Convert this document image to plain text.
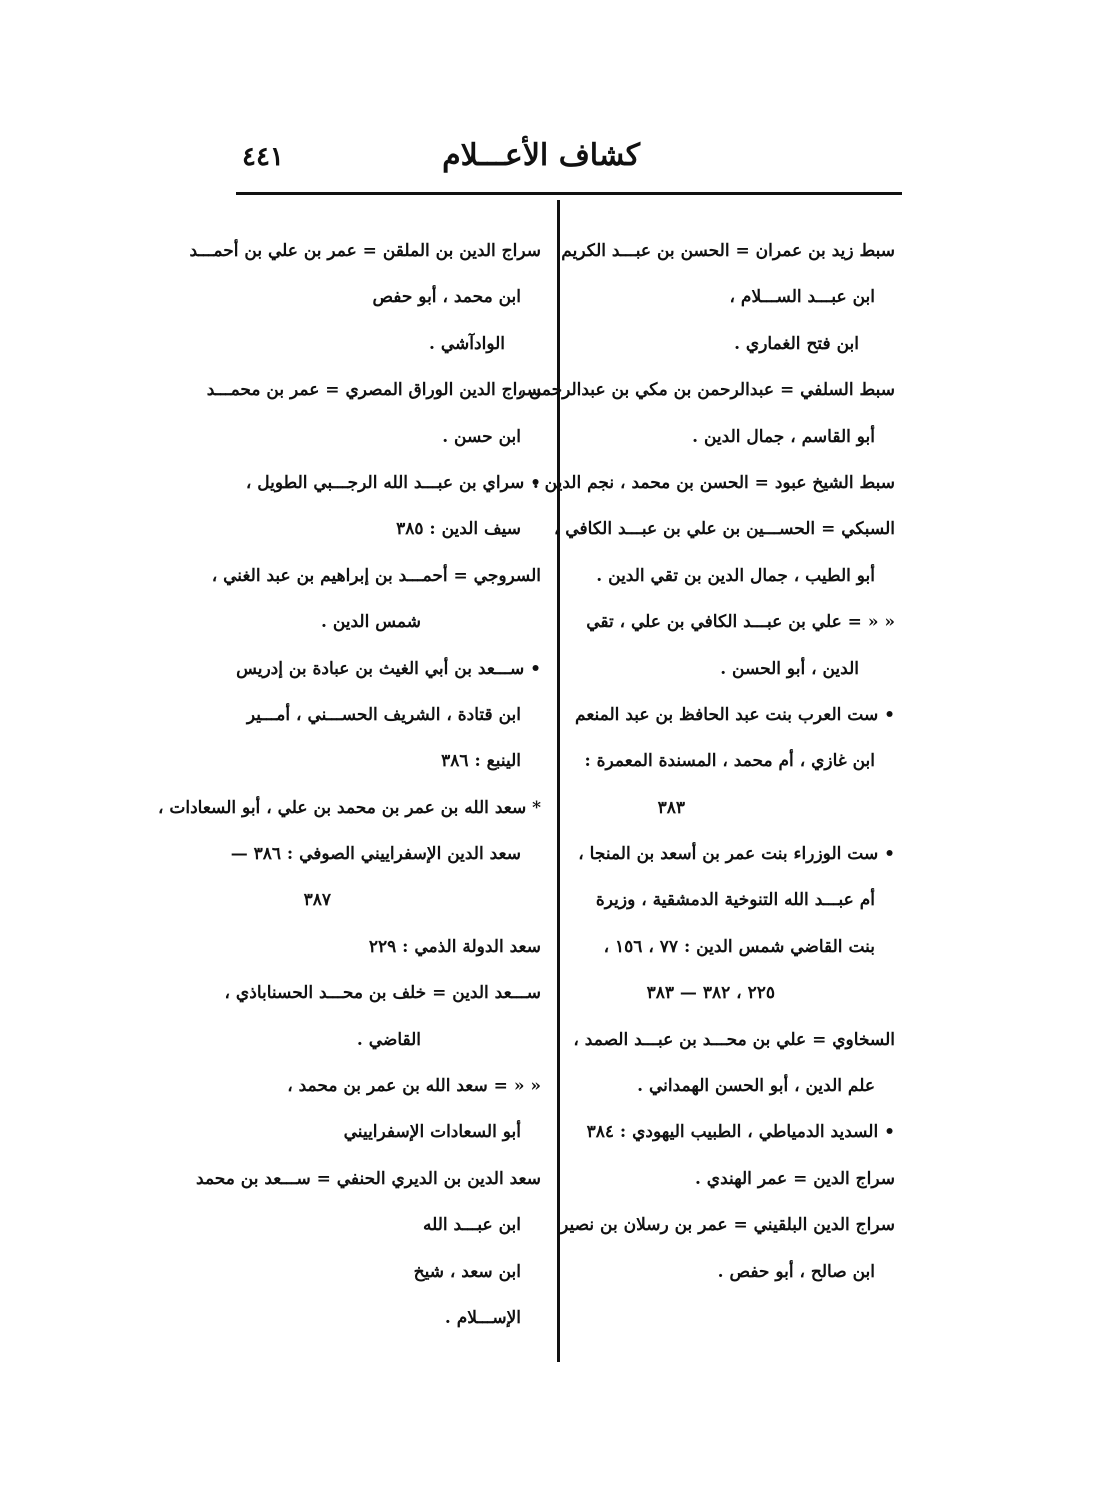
كشاف الأعـــلام
٤٤١
سبط زيد بن عمران = الحسن بن عبـــد الكريم
ابن عبـــد الســـلام ،
ابن فتح الغماري .
سبط السلفي = عبدالرحمن بن مكي بن عبدالرحمن ،
أبو القاسم ، جمال الدين .
سبط الشيخ عبود = الحسن بن محمد ، نجم الدين .
السبكي = الحســـين بن علي بن عبـــد الكافي ،
أبو الطيب ، جمال الدين بن تقي الدين .
« « = علي بن عبـــد الكافي بن علي ، تقي
الدين ، أبو الحسن .
• ست العرب بنت عبد الحافظ بن عبد المنعم
ابن غازي ، أم محمد ، المسندة المعمرة :
٣٨٣
• ست الوزراء بنت عمر بن أسعد بن المنجا ،
أم عبـــد الله التنوخية الدمشقية ، وزيرة
بنت القاضي شمس الدين : ٧٧ ، ١٥٦ ،
٢٢٥ ، ٣٨٢ — ٣٨٣
السخاوي = علي بن محـــد بن عبـــد الصمد ،
علم الدين ، أبو الحسن الهمداني .
• السديد الدمياطي ، الطبيب اليهودي : ٣٨٤
سراج الدين = عمر الهندي .
سراج الدين البلقيني = عمر بن رسلان بن نصير
ابن صالح ، أبو حفص .
سراج الدين بن الملقن = عمر بن علي بن أحمـــد
ابن محمد ، أبو حفص
الوادآشي .
سراج الدين الوراق المصري = عمر بن محمـــد
ابن حسن .
• سراي بن عبـــد الله الرجـــبي الطويل ،
سيف الدين : ٣٨٥
السروجي = أحمـــد بن إبراهيم بن عبد الغني ،
شمس الدين .
• ســـعد بن أبي الغيث بن عبادة بن إدريس
ابن قتادة ، الشريف الحســـني ، أمـــير
الينبع : ٣٨٦
* سعد الله بن عمر بن محمد بن علي ، أبو السعادات ،
سعد الدين الإسفراييني الصوفي : ٣٨٦ —
٣٨٧
سعد الدولة الذمي : ٢٢٩
ســـعد الدين = خلف بن محـــد الحسناباذي ،
القاضي .
« « = سعد الله بن عمر بن محمد ،
أبو السعادات الإسفراييني
سعد الدين بن الديري الحنفي = ســـعد بن محمد
ابن عبـــد الله
ابن سعد ، شيخ
الإســـلام .
